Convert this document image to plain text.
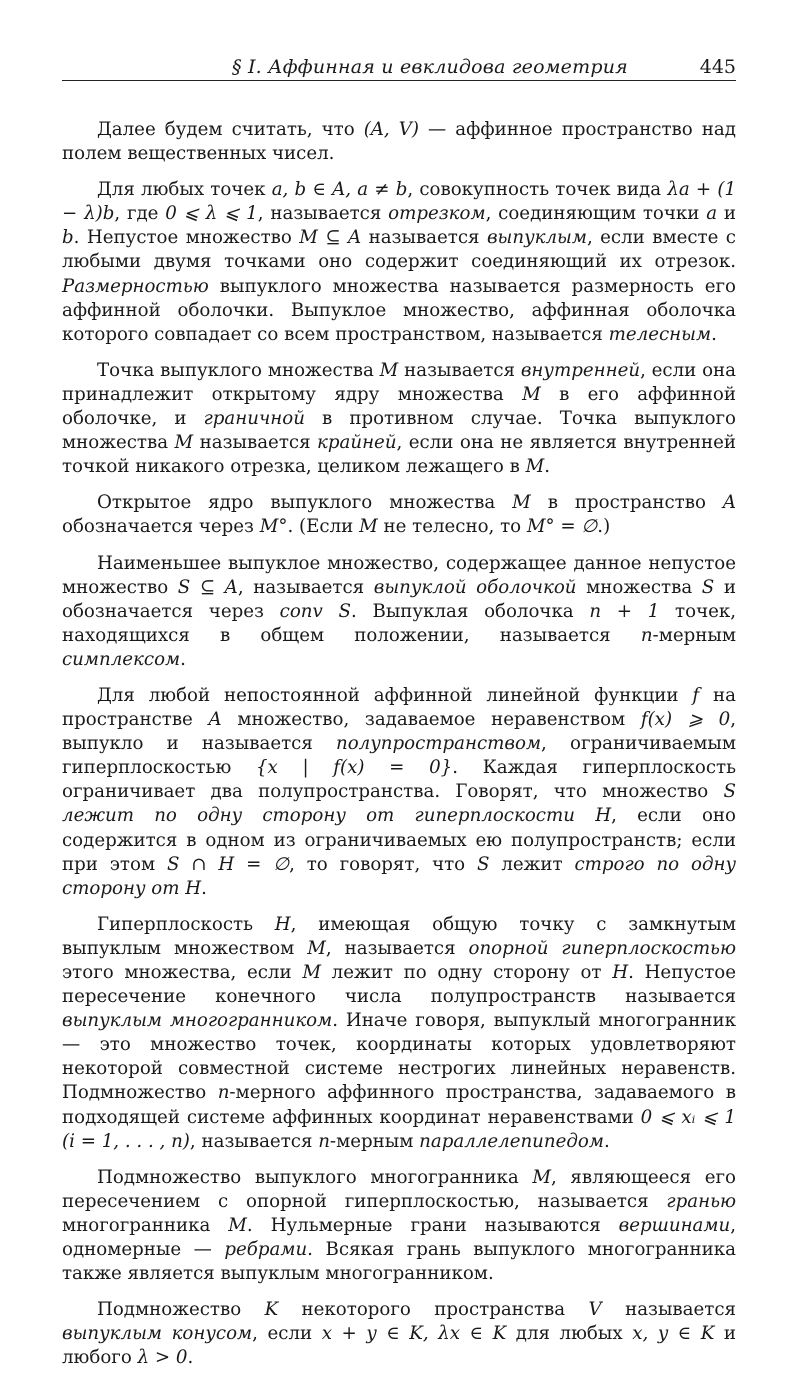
§ I. Аффинная и евклидова геометрия	445

Далее будем считать, что (A, V) — аффинное пространство над полем вещественных чисел.

Для любых точек a, b ∈ A, a ≠ b, совокупность точек вида λa + (1 − λ)b, где 0 ⩽ λ ⩽ 1, называется отрезком, соединяющим точки a и b. Непустое множество M ⊆ A называется выпуклым, если вместе с любыми двумя точками оно содержит соединяющий их отрезок. Размерностью выпуклого множества называется размерность его аффинной оболочки. Выпуклое множество, аффинная оболочка которого совпадает со всем пространством, называется телесным.

Точка выпуклого множества M называется внутренней, если она принадлежит открытому ядру множества M в его аффинной оболочке, и граничной в противном случае. Точка выпуклого множества M называется крайней, если она не является внутренней точкой никакого отрезка, целиком лежащего в M.

Открытое ядро выпуклого множества M в пространство A обозначается через M°. (Если M не телесно, то M° = ∅.)

Наименьшее выпуклое множество, содержащее данное непустое множество S ⊆ A, называется выпуклой оболочкой множества S и обозначается через conv S. Выпуклая оболочка n + 1 точек, находящихся в общем положении, называется n-мерным симплексом.

Для любой непостоянной аффинной линейной функции f на пространстве A множество, задаваемое неравенством f(x) ⩾ 0, выпукло и называется полупространством, ограничиваемым гиперплоскостью {x | f(x) = 0}. Каждая гиперплоскость ограничивает два полупространства. Говорят, что множество S лежит по одну сторону от гиперплоскости H, если оно содержится в одном из ограничиваемых ею полупространств; если при этом S ∩ H = ∅, то говорят, что S лежит строго по одну сторону от H.

Гиперплоскость H, имеющая общую точку с замкнутым выпуклым множеством M, называется опорной гиперплоскостью этого множества, если M лежит по одну сторону от H. Непустое пересечение конечного числа полупространств называется выпуклым многогранником. Иначе говоря, выпуклый многогранник — это множество точек, координаты которых удовлетворяют некоторой совместной системе нестрогих линейных неравенств. Подмножество n-мерного аффинного пространства, задаваемого в подходящей системе аффинных координат неравенствами 0 ⩽ xᵢ ⩽ 1 (i = 1, . . . , n), называется n-мерным параллелепипедом.

Подмножество выпуклого многогранника M, являющееся его пересечением с опорной гиперплоскостью, называется гранью многогранника M. Нульмерные грани называются вершинами, одномерные — ребрами. Всякая грань выпуклого многогранника также является выпуклым многогранником.

Подмножество K некоторого пространства V называется выпуклым конусом, если x + y ∈ K, λx ∈ K для любых x, y ∈ K и любого λ > 0.
